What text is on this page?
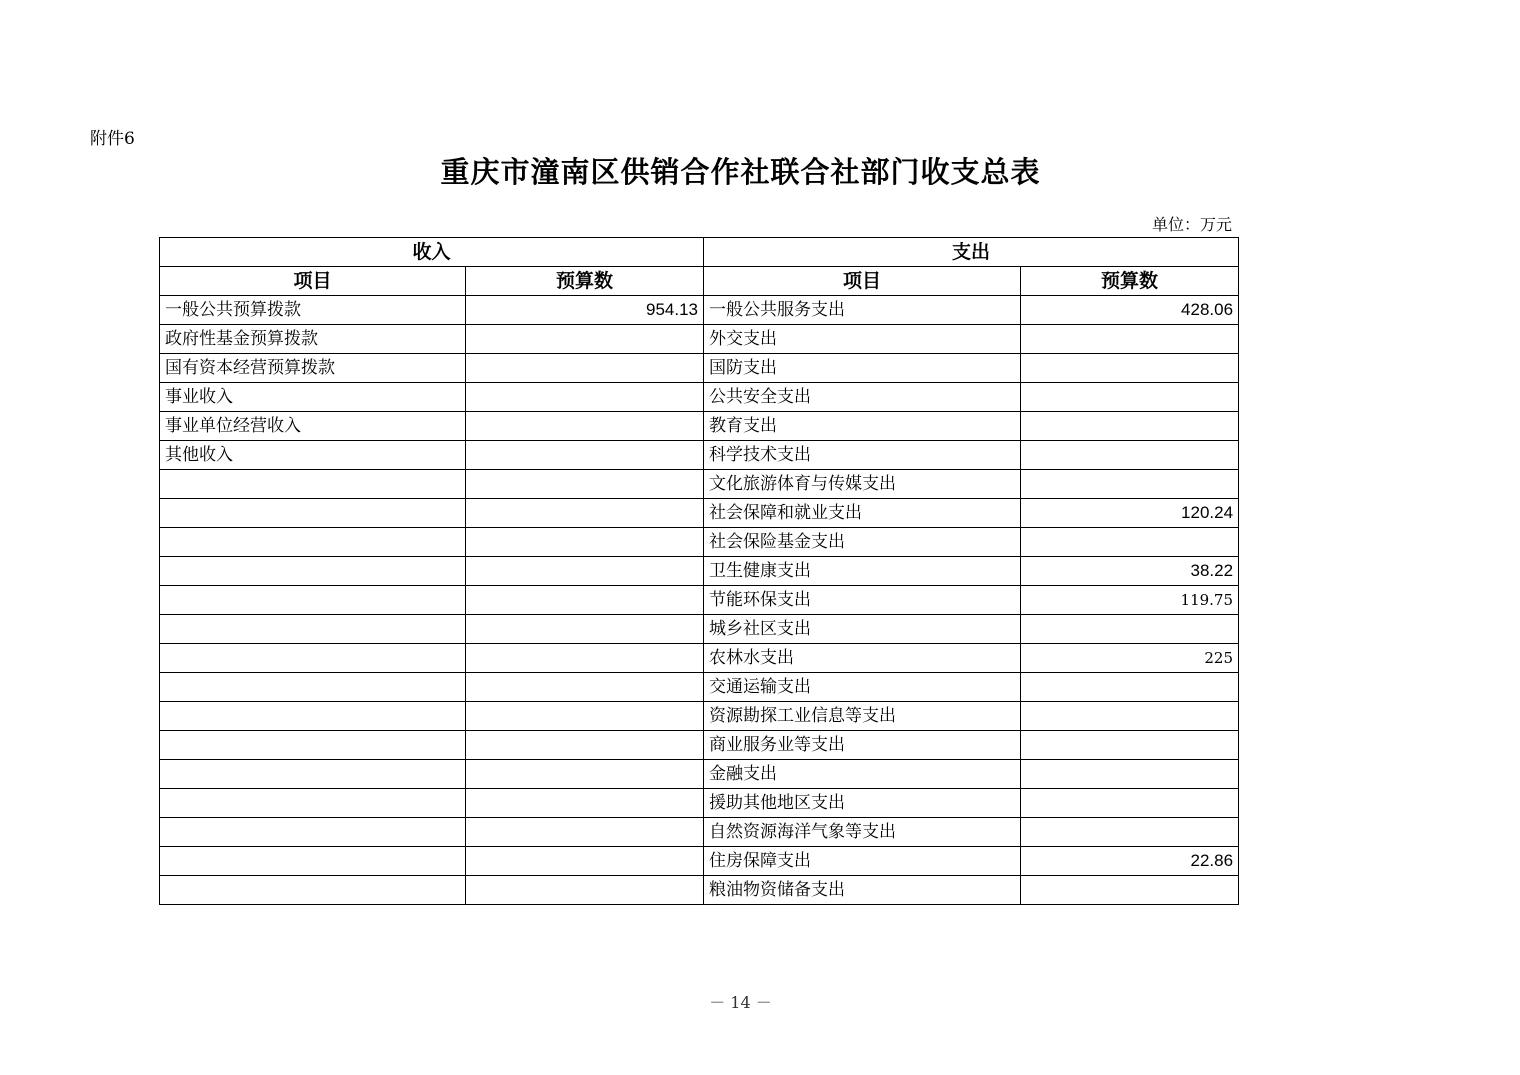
附件6
重庆市潼南区供销合作社联合社部门收支总表
单位：万元
收入		支出	
项目	预算数	项目	预算数
一般公共预算拨款	954.13	一般公共服务支出	428.06
政府性基金预算拨款		外交支出	
国有资本经营预算拨款		国防支出	
事业收入		公共安全支出	
事业单位经营收入		教育支出	
其他收入		科学技术支出	
		文化旅游体育与传媒支出	
		社会保障和就业支出	120.24
		社会保险基金支出	
		卫生健康支出	38.22
		节能环保支出	119.75
		城乡社区支出	
		农林水支出	225
		交通运输支出	
		资源勘探工业信息等支出	
		商业服务业等支出	
		金融支出	
		援助其他地区支出	
		自然资源海洋气象等支出	
		住房保障支出	22.86
		粮油物资储备支出	
－ 14 －
